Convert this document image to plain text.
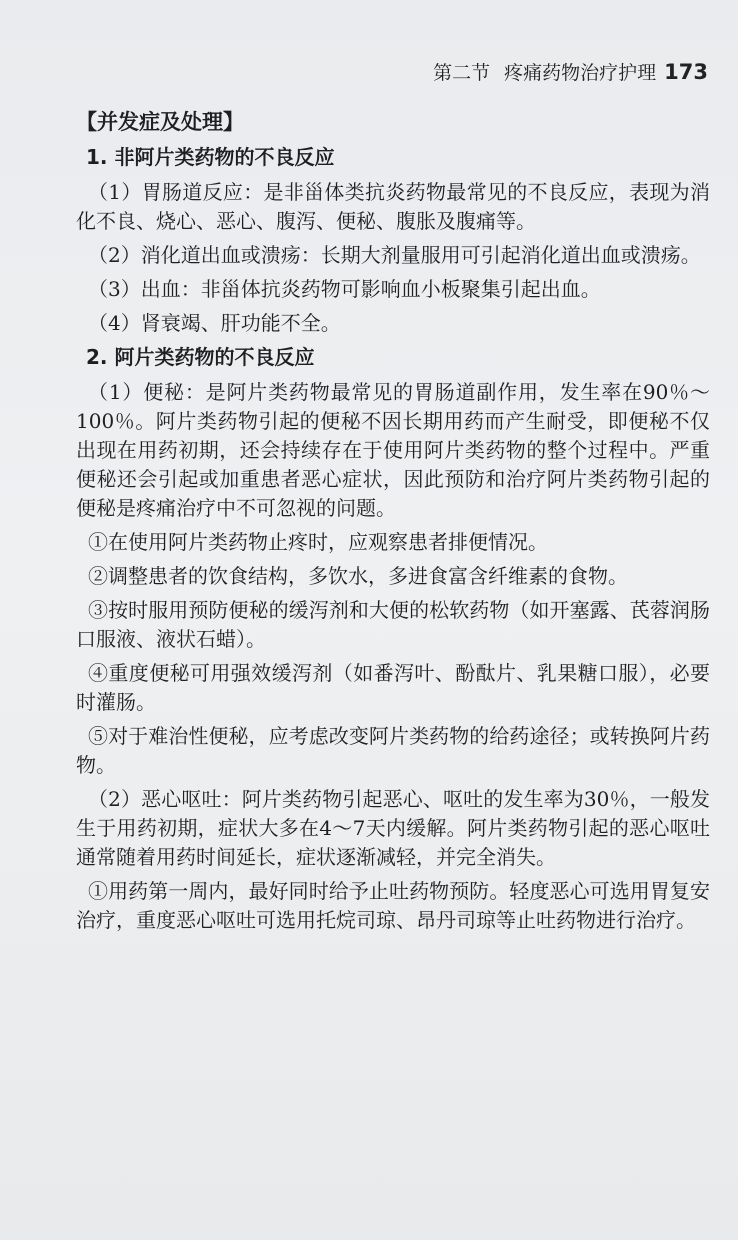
第二节 疼痛药物治疗护理 173
【并发症及处理】
1. 非阿片类药物的不良反应

（1）胃肠道反应：是非甾体类抗炎药物最常见的不良反应，表现为消化不良、烧心、恶心、腹泻、便秘、腹胀及腹痛等。

（2）消化道出血或溃疡：长期大剂量服用可引起消化道出血或溃疡。

（3）出血：非甾体抗炎药物可影响血小板聚集引起出血。

（4）肾衰竭、肝功能不全。

2. 阿片类药物的不良反应

（1）便秘：是阿片类药物最常见的胃肠道副作用，发生率在90％～100％。阿片类药物引起的便秘不因长期用药而产生耐受，即便秘不仅出现在用药初期，还会持续存在于使用阿片类药物的整个过程中。严重便秘还会引起或加重患者恶心症状，因此预防和治疗阿片类药物引起的便秘是疼痛治疗中不可忽视的问题。

①在使用阿片类药物止疼时，应观察患者排便情况。

②调整患者的饮食结构，多饮水，多进食富含纤维素的食物。

③按时服用预防便秘的缓泻剂和大便的松软药物（如开塞露、芪蓉润肠口服液、液状石蜡）。

④重度便秘可用强效缓泻剂（如番泻叶、酚酞片、乳果糖口服），必要时灌肠。

⑤对于难治性便秘，应考虑改变阿片类药物的给药途径；或转换阿片药物。

（2）恶心呕吐：阿片类药物引起恶心、呕吐的发生率为30％，一般发生于用药初期，症状大多在4～7天内缓解。阿片类药物引起的恶心呕吐通常随着用药时间延长，症状逐渐减轻，并完全消失。

①用药第一周内，最好同时给予止吐药物预防。轻度恶心可选用胃复安治疗，重度恶心呕吐可选用托烷司琼、昂丹司琼等止吐药物进行治疗。
